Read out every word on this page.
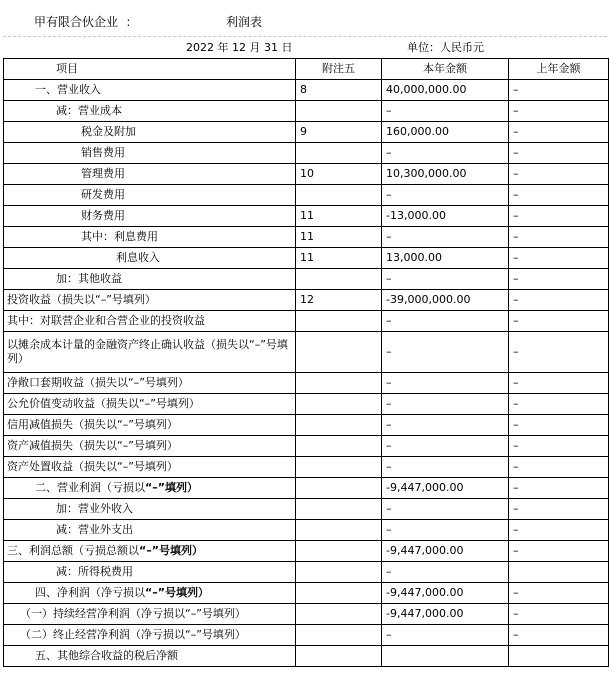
甲有限合伙企业  ：	利润表
2022 年 12 月 31 日	单位：人民币元
项目	附注五	本年金额	上年金额
一、营业收入	8	40,000,000.00	–
减：营业成本		–	–
税金及附加	9	160,000.00	–
销售费用		–	–
管理费用	10	10,300,000.00	–
研发费用		–	–
财务费用	11	-13,000.00	–
其中：利息费用	11	–	–
利息收入	11	13,000.00	–
加：其他收益		–	–
投资收益（损失以“–”号填列）	12	-39,000,000.00	–
其中：对联营企业和合营企业的投资收益		–	–
以摊余成本计量的金融资产终止确认收益（损失以“–”号填列）		–	–
净敞口套期收益（损失以“–”号填列）		–	–
公允价值变动收益（损失以“–”号填列）		–	–
信用减值损失（损失以“–”号填列）		–	–
资产减值损失（损失以“–”号填列）		–	–
资产处置收益（损失以“–”号填列）		–	–
二、营业利润（亏损以“–”填列）		-9,447,000.00	–
加：营业外收入		–	–
减：营业外支出		–	–
三、利润总额（亏损总额以“–”号填列）		-9,447,000.00	–
减：所得税费用		–	
四、净利润（净亏损以“–”号填列）		-9,447,000.00	–
（一）持续经营净利润（净亏损以“–”号填列）		-9,447,000.00	–
（二）终止经营净利润（净亏损以“–”号填列）		–	–
五、其他综合收益的税后净额			
